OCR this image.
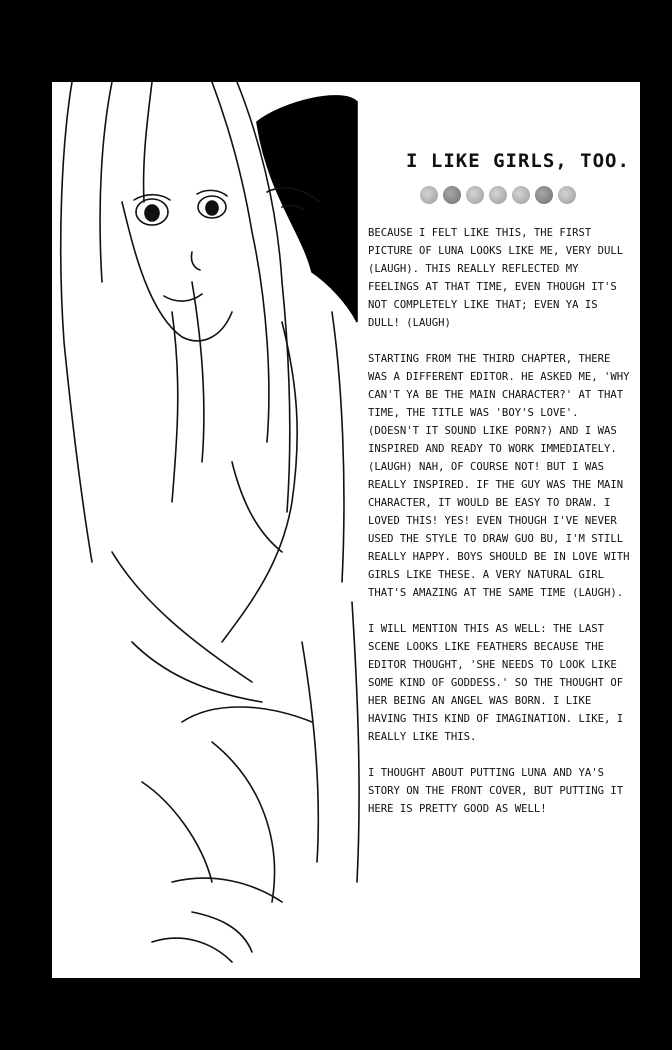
I LIKE GIRLS, TOO.

BECAUSE I FELT LIKE THIS, THE FIRST PICTURE OF LUNA LOOKS LIKE ME, VERY DULL (LAUGH). THIS REALLY REFLECTED MY FEELINGS AT THAT TIME, EVEN THOUGH IT'S NOT COMPLETELY LIKE THAT; EVEN YA IS DULL! (LAUGH)

STARTING FROM THE THIRD CHAPTER, THERE WAS A DIFFERENT EDITOR. HE ASKED ME, 'WHY CAN'T YA BE THE MAIN CHARACTER?' AT THAT TIME, THE TITLE WAS 'BOY'S LOVE'. (DOESN'T IT SOUND LIKE PORN?) AND I WAS INSPIRED AND READY TO WORK IMMEDIATELY. (LAUGH) NAH, OF COURSE NOT! BUT I WAS REALLY INSPIRED. IF THE GUY WAS THE MAIN CHARACTER, IT WOULD BE EASY TO DRAW. I LOVED THIS! YES! EVEN THOUGH I'VE NEVER USED THE STYLE TO DRAW GUO BU, I'M STILL REALLY HAPPY. BOYS SHOULD BE IN LOVE WITH GIRLS LIKE THESE. A VERY NATURAL GIRL THAT'S AMAZING AT THE SAME TIME (LAUGH).

I WILL MENTION THIS AS WELL: THE LAST SCENE LOOKS LIKE FEATHERS BECAUSE THE EDITOR THOUGHT, 'SHE NEEDS TO LOOK LIKE SOME KIND OF GODDESS.' SO THE THOUGHT OF HER BEING AN ANGEL WAS BORN. I LIKE HAVING THIS KIND OF IMAGINATION. LIKE, I REALLY LIKE THIS.

I THOUGHT ABOUT PUTTING LUNA AND YA'S STORY ON THE FRONT COVER, BUT PUTTING IT HERE IS PRETTY GOOD AS WELL!
